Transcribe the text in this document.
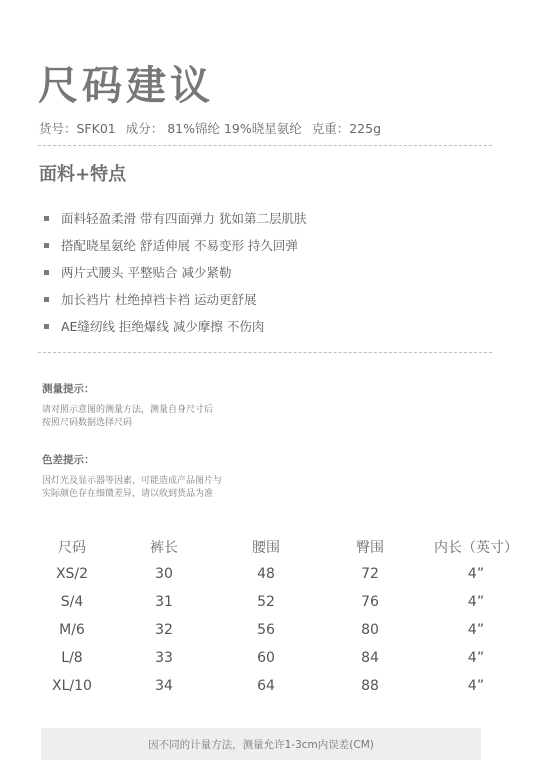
尺码建议
货号：SFK01 成分： 81%锦纶 19%晓星氨纶 克重：225g
面料+特点
面料轻盈柔滑 带有四面弹力 犹如第二层肌肤
搭配晓星氨纶 舒适伸展 不易变形 持久回弹
两片式腰头 平整贴合 减少紧勒
加长裆片 杜绝掉裆卡裆 运动更舒展
AE缝纫线 拒绝爆线 减少摩擦 不伤肉
测量提示：
请对照示意图的测量方法，测量自身尺寸后
按照尺码数据选择尺码
色差提示：
因灯光及显示器等因素，可能造成产品图片与
实际颜色存在细微差异，请以收到货品为准
尺码	裤长	腰围	臀围	内长（英寸）
XS/2	30	48	72	4”
S/4	31	52	76	4”
M/6	32	56	80	4”
L/8	33	60	84	4”
XL/10	34	64	88	4”
因不同的计量方法，测量允许1-3cm内误差(CM)
